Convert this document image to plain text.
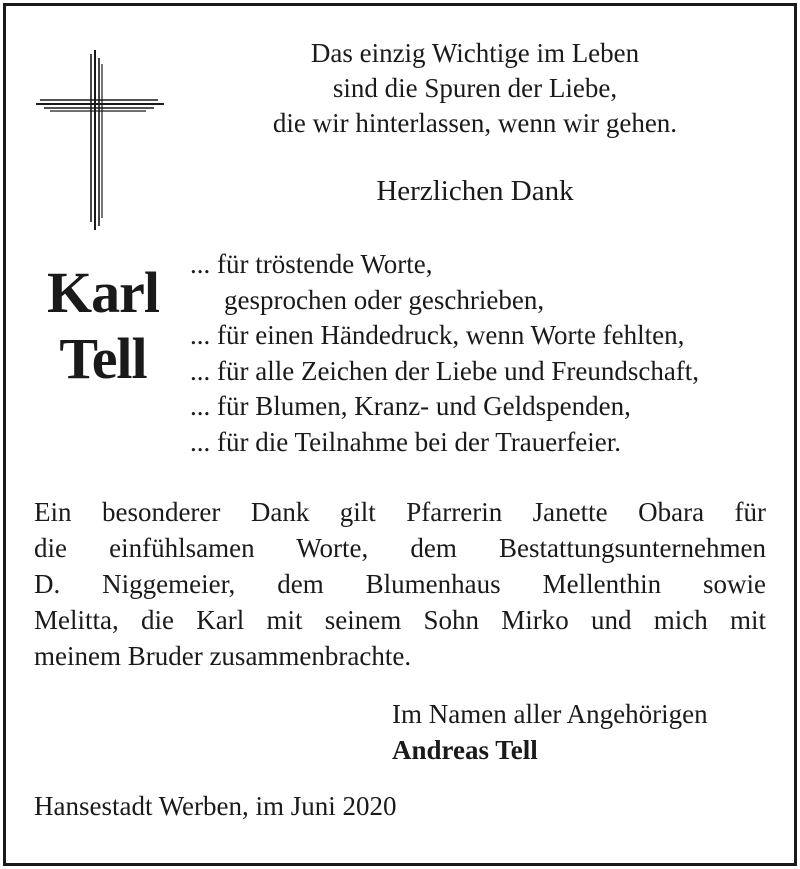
Das einzig Wichtige im Leben
sind die Spuren der Liebe,
die wir hinterlassen, wenn wir gehen.
Herzlichen Dank
Karl
Tell
... für tröstende Worte,
gesprochen oder geschrieben,
... für einen Händedruck, wenn Worte fehlten,
... für alle Zeichen der Liebe und Freundschaft,
... für Blumen, Kranz- und Geldspenden,
... für die Teilnahme bei der Trauerfeier.
Ein besonderer Dank gilt Pfarrerin Janette Obara für
die einfühlsamen Worte, dem Bestattungsunternehmen
D. Niggemeier, dem Blumenhaus Mellenthin sowie
Melitta, die Karl mit seinem Sohn Mirko und mich mit
meinem Bruder zusammenbrachte.
Im Namen aller Angehörigen
Andreas Tell
Hansestadt Werben, im Juni 2020
